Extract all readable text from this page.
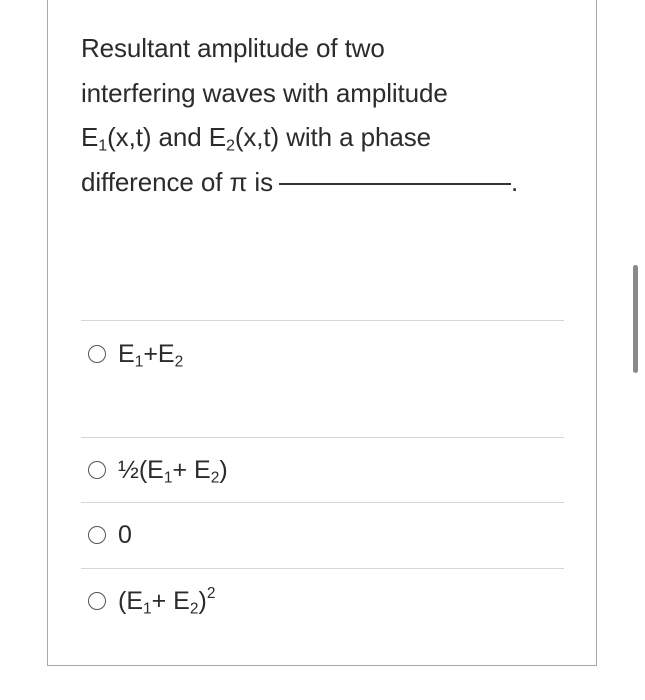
Resultant amplitude of two
interfering waves with amplitude
$E_1(x,t)$ and $E_2(x,t)$ with a phase
difference of π is	.
$E_1+E_2$
$\frac{1}{2}(E_1+ E_2)$
0
$(E_1+ E_2)^2$
